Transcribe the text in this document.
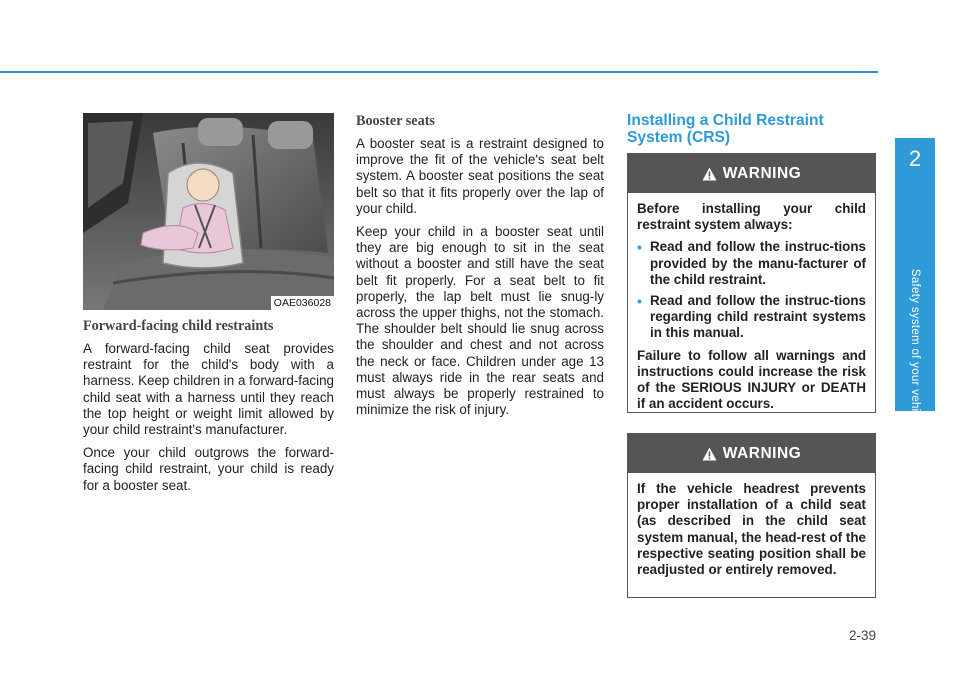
OAE036028
Forward-facing child restraints

A forward-facing child seat provides restraint for the child's body with a harness. Keep children in a forward-facing child seat with a harness until they reach the top height or weight limit allowed by your child restraint's manufacturer.

Once your child outgrows the forward-facing child restraint, your child is ready for a booster seat.

Booster seats

A booster seat is a restraint designed to improve the fit of the vehicle's seat belt system. A booster seat positions the seat belt so that it fits properly over the lap of your child.

Keep your child in a booster seat until they are big enough to sit in the seat without a booster and still have the seat belt fit properly. For a seat belt to fit properly, the lap belt must lie snug-ly across the upper thighs, not the stomach. The shoulder belt should lie snug across the shoulder and chest and not across the neck or face. Children under age 13 must always ride in the rear seats and must always be properly restrained to minimize the risk of injury.

Installing a Child Restraint System (CRS)
WARNING

Before installing your child restraint system always:

• Read and follow the instruc-tions provided by the manu-facturer of the child restraint.
• Read and follow the instruc-tions regarding child restraint systems in this manual.

Failure to follow all warnings and instructions could increase the risk of the SERIOUS INJURY or DEATH if an accident occurs.

WARNING

If the vehicle headrest prevents proper installation of a child seat (as described in the child seat system manual, the head-rest of the respective seating position shall be readjusted or entirely removed.

2
Safety system of your vehicle
2-39
